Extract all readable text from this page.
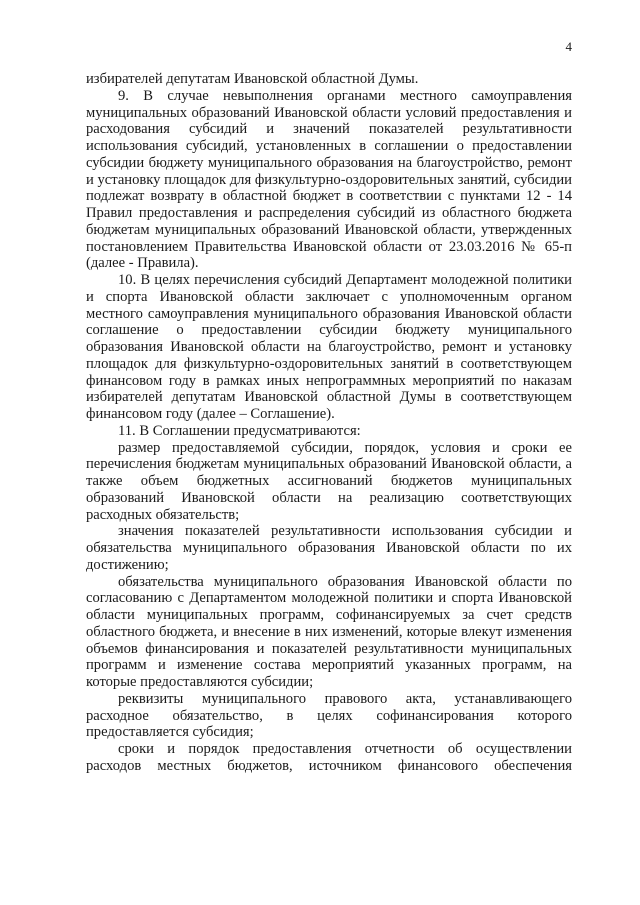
4

избирателей депутатам Ивановской областной Думы.

9. В случае невыполнения органами местного самоуправления муниципальных образований Ивановской области условий предоставления и расходования субсидий и значений показателей результативности использования субсидий, установленных в соглашении о предоставлении субсидии бюджету муниципального образования на благоустройство, ремонт и установку площадок для физкультурно-оздоровительных занятий, субсидии подлежат возврату в областной бюджет в соответствии с пунктами 12 - 14 Правил предоставления и распределения субсидий из областного бюджета бюджетам муниципальных образований Ивановской области, утвержденных постановлением Правительства Ивановской области от 23.03.2016 № 65-п (далее - Правила).

10. В целях перечисления субсидий Департамент молодежной политики и спорта Ивановской области заключает с уполномоченным органом местного самоуправления муниципального образования Ивановской области соглашение о предоставлении субсидии бюджету муниципального образования Ивановской области на благоустройство, ремонт и установку площадок для физкультурно-оздоровительных занятий в соответствующем финансовом году в рамках иных непрограммных мероприятий по наказам избирателей депутатам Ивановской областной Думы в соответствующем финансовом году (далее – Соглашение).

11. В Соглашении предусматриваются:

размер предоставляемой субсидии, порядок, условия и сроки ее перечисления бюджетам муниципальных образований Ивановской области, а также объем бюджетных ассигнований бюджетов муниципальных образований Ивановской области на реализацию соответствующих расходных обязательств;

значения показателей результативности использования субсидии и обязательства муниципального образования Ивановской области по их достижению;

обязательства муниципального образования Ивановской области по согласованию с Департаментом молодежной политики и спорта Ивановской области муниципальных программ, софинансируемых за счет средств областного бюджета, и внесение в них изменений, которые влекут изменения объемов финансирования и показателей результативности муниципальных программ и изменение состава мероприятий указанных программ, на которые предоставляются субсидии;

реквизиты муниципального правового акта, устанавливающего расходное обязательство, в целях софинансирования которого предоставляется субсидия;

сроки и порядок предоставления отчетности об осуществлении расходов местных бюджетов, источником финансового обеспечения
